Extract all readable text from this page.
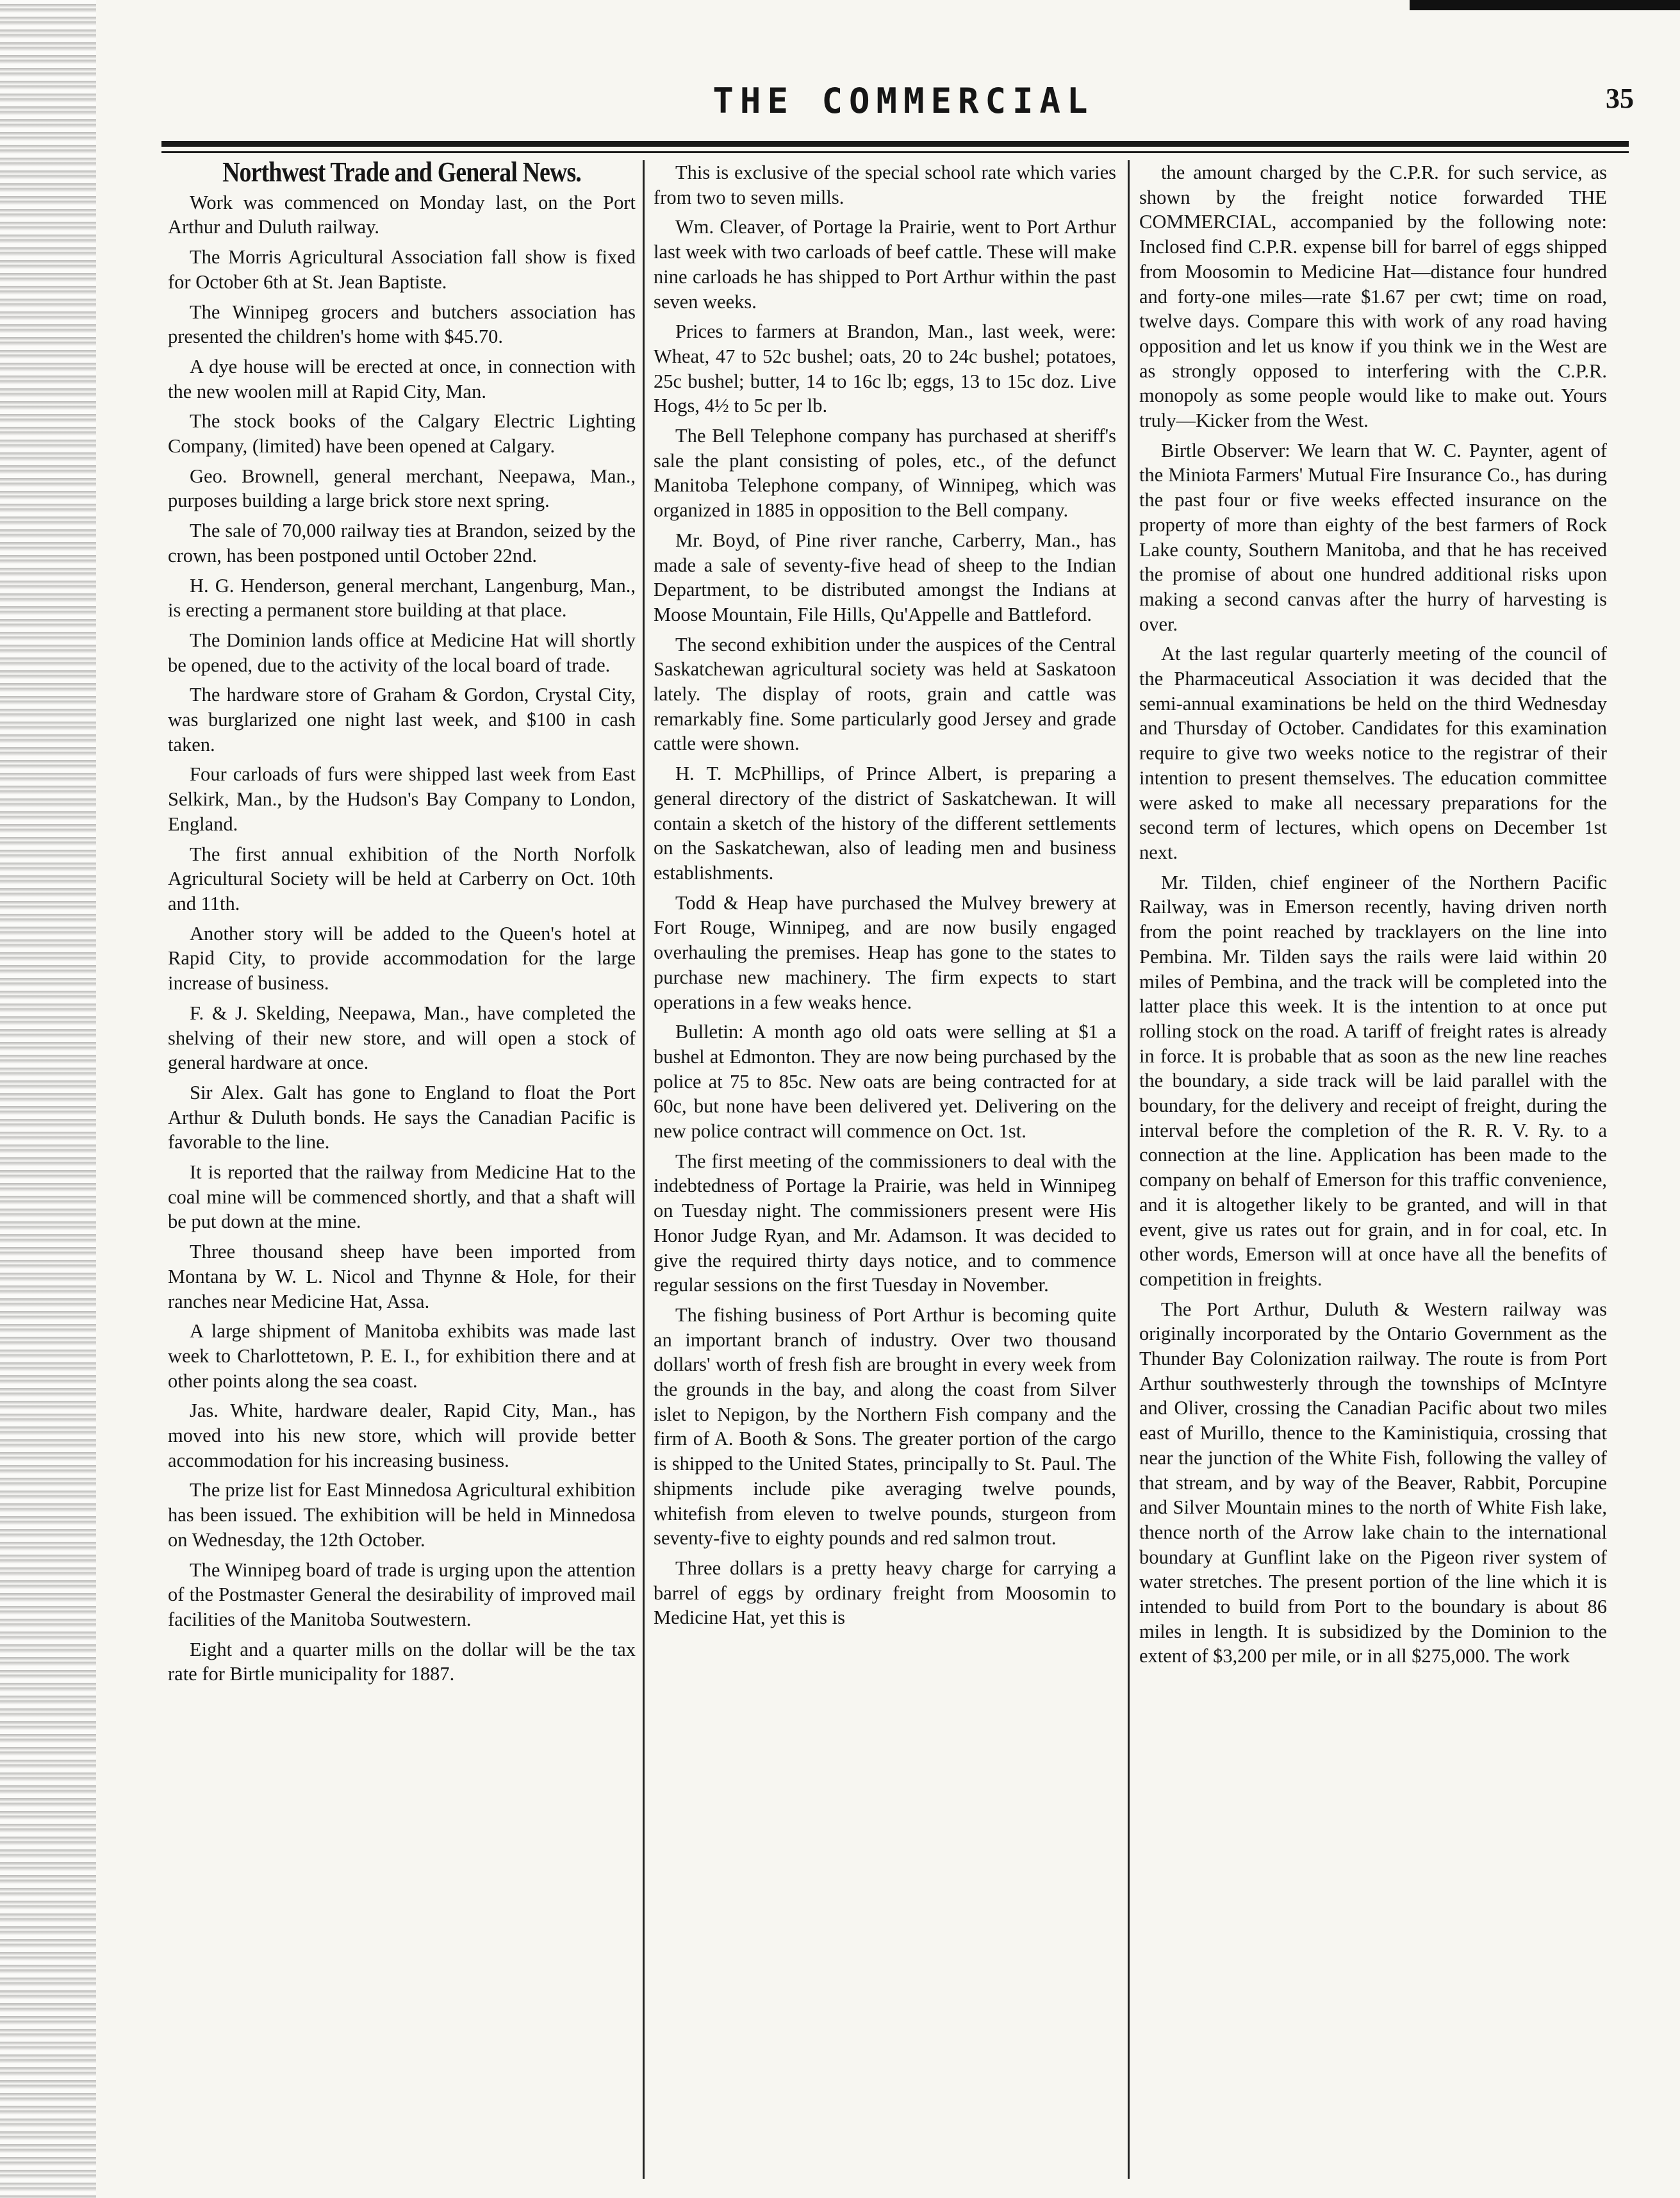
THE COMMERCIAL	35

Northwest Trade and General News.

Work was commenced on Monday last, on the Port Arthur and Duluth railway.

The Morris Agricultural Association fall show is fixed for October 6th at St. Jean Baptiste.

The Winnipeg grocers and butchers association has presented the children's home with $45.70.

A dye house will be erected at once, in connection with the new woolen mill at Rapid City, Man.

The stock books of the Calgary Electric Lighting Company, (limited) have been opened at Calgary.

Geo. Brownell, general merchant, Neepawa, Man., purposes building a large brick store next spring.

The sale of 70,000 railway ties at Brandon, seized by the crown, has been postponed until October 22nd.

H. G. Henderson, general merchant, Langenburg, Man., is erecting a permanent store building at that place.

The Dominion lands office at Medicine Hat will shortly be opened, due to the activity of the local board of trade.

The hardware store of Graham & Gordon, Crystal City, was burglarized one night last week, and $100 in cash taken.

Four carloads of furs were shipped last week from East Selkirk, Man., by the Hudson's Bay Company to London, England.

The first annual exhibition of the North Norfolk Agricultural Society will be held at Carberry on Oct. 10th and 11th.

Another story will be added to the Queen's hotel at Rapid City, to provide accommodation for the large increase of business.

F. & J. Skelding, Neepawa, Man., have completed the shelving of their new store, and will open a stock of general hardware at once.

Sir Alex. Galt has gone to England to float the Port Arthur & Duluth bonds. He says the Canadian Pacific is favorable to the line.

It is reported that the railway from Medicine Hat to the coal mine will be commenced shortly, and that a shaft will be put down at the mine.

Three thousand sheep have been imported from Montana by W. L. Nicol and Thynne & Hole, for their ranches near Medicine Hat, Assa.

A large shipment of Manitoba exhibits was made last week to Charlottetown, P. E. I., for exhibition there and at other points along the sea coast.

Jas. White, hardware dealer, Rapid City, Man., has moved into his new store, which will provide better accommodation for his increasing business.

The prize list for East Minnedosa Agricultural exhibition has been issued. The exhibition will be held in Minnedosa on Wednesday, the 12th October.

The Winnipeg board of trade is urging upon the attention of the Postmaster General the desirability of improved mail facilities of the Manitoba Soutwestern.

Eight and a quarter mills on the dollar will be the tax rate for Birtle municipality for 1887.

This is exclusive of the special school rate which varies from two to seven mills.

Wm. Cleaver, of Portage la Prairie, went to Port Arthur last week with two carloads of beef cattle. These will make nine carloads he has shipped to Port Arthur within the past seven weeks.

Prices to farmers at Brandon, Man., last week, were: Wheat, 47 to 52c bushel; oats, 20 to 24c bushel; potatoes, 25c bushel; butter, 14 to 16c lb; eggs, 13 to 15c doz. Live Hogs, 4½ to 5c per lb.

The Bell Telephone company has purchased at sheriff's sale the plant consisting of poles, etc., of the defunct Manitoba Telephone company, of Winnipeg, which was organized in 1885 in opposition to the Bell company.

Mr. Boyd, of Pine river ranche, Carberry, Man., has made a sale of seventy-five head of sheep to the Indian Department, to be distributed amongst the Indians at Moose Mountain, File Hills, Qu'Appelle and Battleford.

The second exhibition under the auspices of the Central Saskatchewan agricultural society was held at Saskatoon lately. The display of roots, grain and cattle was remarkably fine. Some particularly good Jersey and grade cattle were shown.

H. T. McPhillips, of Prince Albert, is preparing a general directory of the district of Saskatchewan. It will contain a sketch of the history of the different settlements on the Saskatchewan, also of leading men and business establishments.

Todd & Heap have purchased the Mulvey brewery at Fort Rouge, Winnipeg, and are now busily engaged overhauling the premises. Heap has gone to the states to purchase new machinery. The firm expects to start operations in a few weaks hence.

Bulletin: A month ago old oats were selling at $1 a bushel at Edmonton. They are now being purchased by the police at 75 to 85c. New oats are being contracted for at 60c, but none have been delivered yet. Delivering on the new police contract will commence on Oct. 1st.

The first meeting of the commissioners to deal with the indebtedness of Portage la Prairie, was held in Winnipeg on Tuesday night. The commissioners present were His Honor Judge Ryan, and Mr. Adamson. It was decided to give the required thirty days notice, and to commence regular sessions on the first Tuesday in November.

The fishing business of Port Arthur is becoming quite an important branch of industry. Over two thousand dollars' worth of fresh fish are brought in every week from the grounds in the bay, and along the coast from Silver islet to Nepigon, by the Northern Fish company and the firm of A. Booth & Sons. The greater portion of the cargo is shipped to the United States, principally to St. Paul. The shipments include pike averaging twelve pounds, whitefish from eleven to twelve pounds, sturgeon from seventy-five to eighty pounds and red salmon trout.

Three dollars is a pretty heavy charge for carrying a barrel of eggs by ordinary freight from Moosomin to Medicine Hat, yet this is

the amount charged by the C.P.R. for such service, as shown by the freight notice forwarded THE COMMERCIAL, accompanied by the following note: Inclosed find C.P.R. expense bill for barrel of eggs shipped from Moosomin to Medicine Hat—distance four hundred and forty-one miles—rate $1.67 per cwt; time on road, twelve days. Compare this with work of any road having opposition and let us know if you think we in the West are as strongly opposed to interfering with the C.P.R. monopoly as some people would like to make out. Yours truly—Kicker from the West.

Birtle Observer: We learn that W. C. Paynter, agent of the Miniota Farmers' Mutual Fire Insurance Co., has during the past four or five weeks effected insurance on the property of more than eighty of the best farmers of Rock Lake county, Southern Manitoba, and that he has received the promise of about one hundred additional risks upon making a second canvas after the hurry of harvesting is over.

At the last regular quarterly meeting of the council of the Pharmaceutical Association it was decided that the semi-annual examinations be held on the third Wednesday and Thursday of October. Candidates for this examination require to give two weeks notice to the registrar of their intention to present themselves. The education committee were asked to make all necessary preparations for the second term of lectures, which opens on December 1st next.

Mr. Tilden, chief engineer of the Northern Pacific Railway, was in Emerson recently, having driven north from the point reached by tracklayers on the line into Pembina. Mr. Tilden says the rails were laid within 20 miles of Pembina, and the track will be completed into the latter place this week. It is the intention to at once put rolling stock on the road. A tariff of freight rates is already in force. It is probable that as soon as the new line reaches the boundary, a side track will be laid parallel with the boundary, for the delivery and receipt of freight, during the interval before the completion of the R. R. V. Ry. to a connection at the line. Application has been made to the company on behalf of Emerson for this traffic convenience, and it is altogether likely to be granted, and will in that event, give us rates out for grain, and in for coal, etc. In other words, Emerson will at once have all the benefits of competition in freights.

The Port Arthur, Duluth & Western railway was originally incorporated by the Ontario Government as the Thunder Bay Colonization railway. The route is from Port Arthur southwesterly through the townships of McIntyre and Oliver, crossing the Canadian Pacific about two miles east of Murillo, thence to the Kaministiquia, crossing that near the junction of the White Fish, following the valley of that stream, and by way of the Beaver, Rabbit, Porcupine and Silver Mountain mines to the north of White Fish lake, thence north of the Arrow lake chain to the international boundary at Gunflint lake on the Pigeon river system of water stretches. The present portion of the line which it is intended to build from Port to the boundary is about 86 miles in length. It is subsidized by the Dominion to the extent of $3,200 per mile, or in all $275,000. The work
